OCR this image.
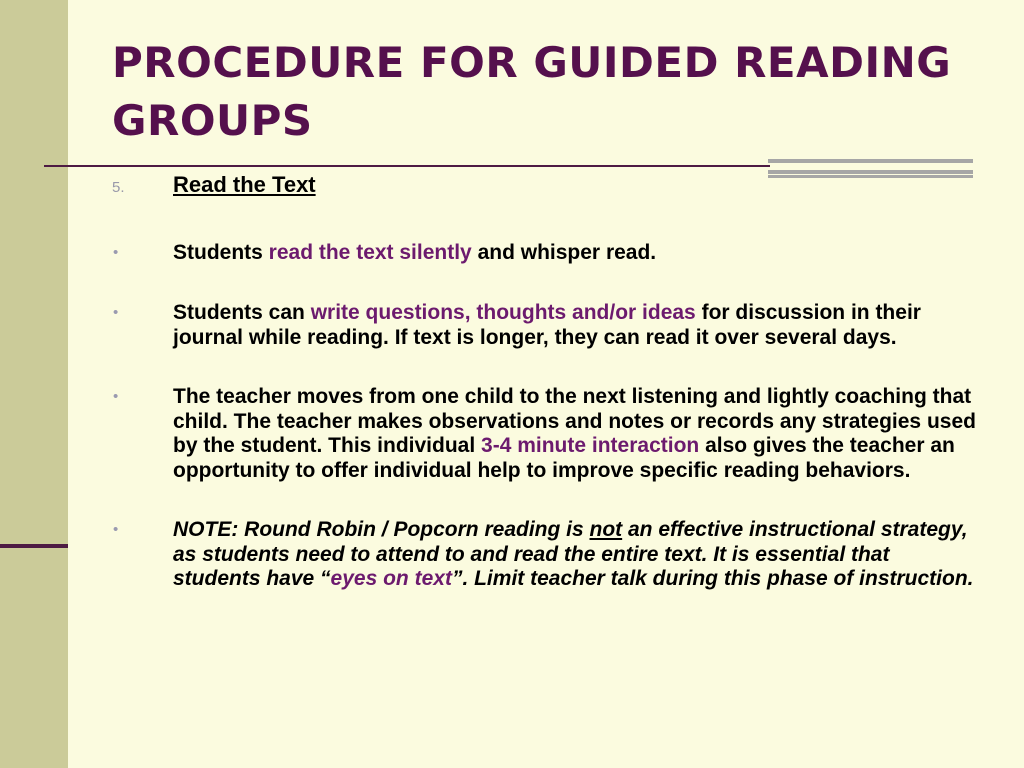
PROCEDURE FOR GUIDED READING GROUPS
5. Read the Text
•	Students read the text silently and whisper read.
•	Students can write questions, thoughts and/or ideas for discussion in their journal while reading. If text is longer, they can read it over several days.
•	The teacher moves from one child to the next listening and lightly coaching that child. The teacher makes observations and notes or records any strategies used by the student. This individual 3-4 minute interaction also gives the teacher an opportunity to offer individual help to improve specific reading behaviors.
•	NOTE: Round Robin / Popcorn reading is not an effective instructional strategy, as students need to attend to and read the entire text. It is essential that students have “eyes on text”. Limit teacher talk during this phase of instruction.
